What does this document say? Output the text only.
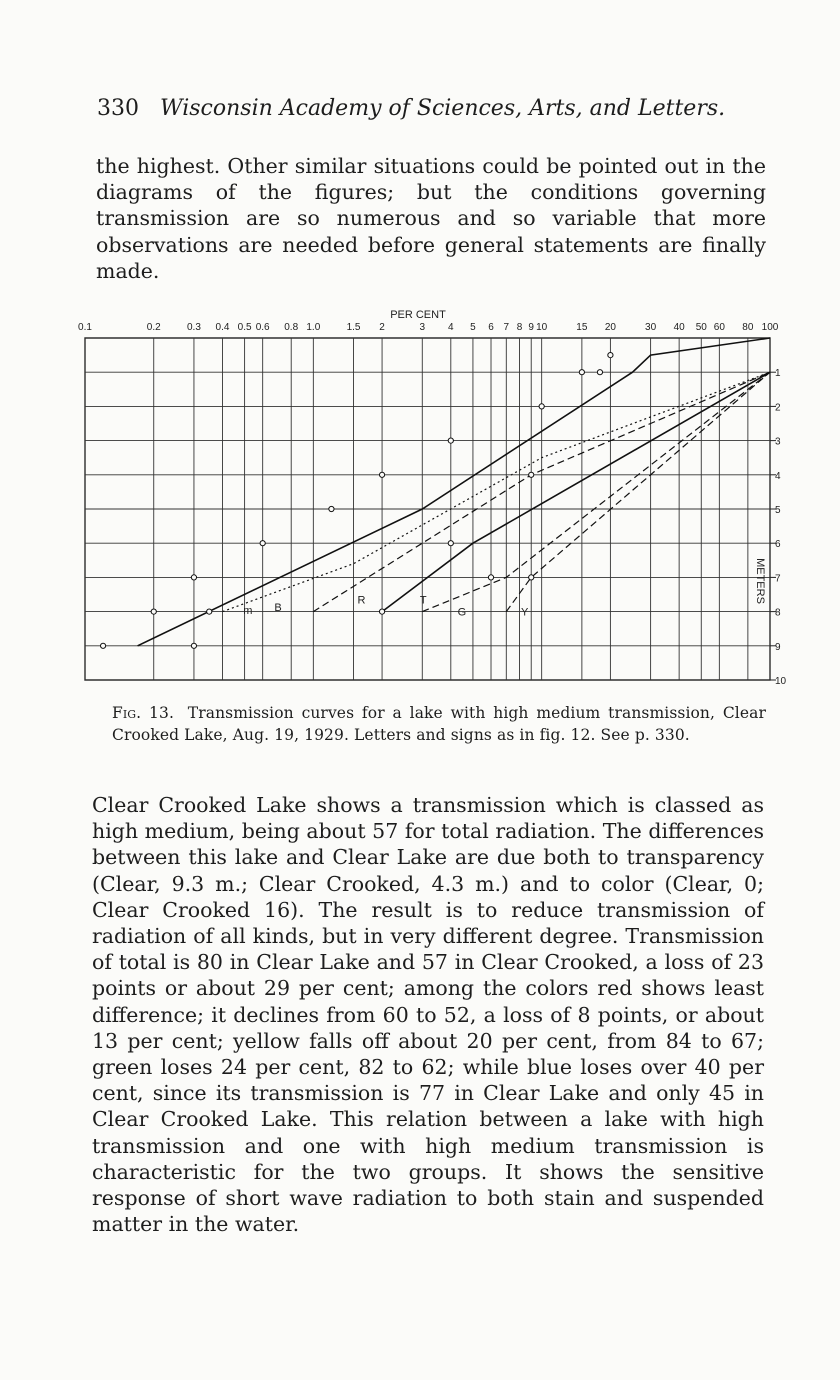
330 Wisconsin Academy of Sciences, Arts, and Letters.

the highest. Other similar situations could be pointed out in the diagrams of the figures; but the conditions governing transmission are so numerous and so variable that more observations are needed before general statements are finally made.

0.1	0.2	0.3 0.4 0.5 0.6 0.8 1.0	1.5 2	3 4 5 6 7 8 9 10	15 20	30 40 50 60 80 100
1
2
3
4
5
6
7
8
9
10
m B
R	T
G	Y
PER CENT
METERS

Fig. 13. Transmission curves for a lake with high medium transmission, Clear Crooked Lake, Aug. 19, 1929. Letters and signs as in fig. 12. See p. 330.

Clear Crooked Lake shows a transmission which is classed as high medium, being about 57 for total radiation. The differences between this lake and Clear Lake are due both to transparency (Clear, 9.3 m.; Clear Crooked, 4.3 m.) and to color (Clear, 0; Clear Crooked 16). The result is to reduce transmission of radiation of all kinds, but in very different degree. Transmission of total is 80 in Clear Lake and 57 in Clear Crooked, a loss of 23 points or about 29 per cent; among the colors red shows least difference; it declines from 60 to 52, a loss of 8 points, or about 13 per cent; yellow falls off about 20 per cent, from 84 to 67; green loses 24 per cent, 82 to 62; while blue loses over 40 per cent, since its transmission is 77 in Clear Lake and only 45 in Clear Crooked Lake. This relation between a lake with high transmission and one with high medium transmission is characteristic for the two groups. It shows the sensitive response of short wave radiation to both stain and suspended matter in the water.
